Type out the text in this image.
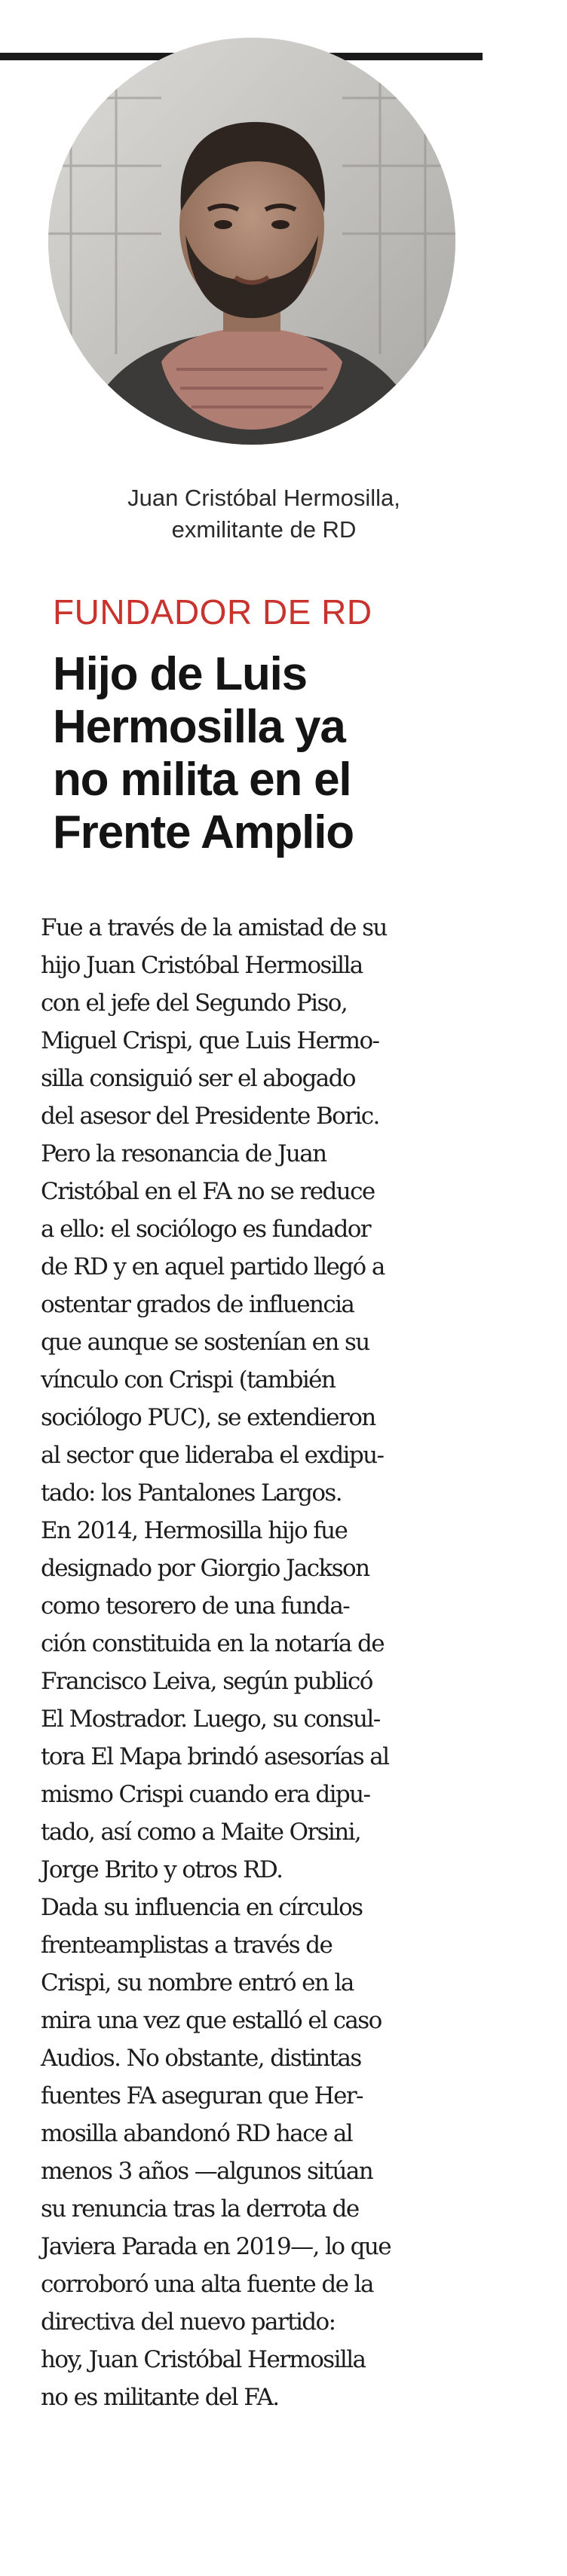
Juan Cristóbal Hermosilla,
exmilitante de RD
FUNDADOR DE RD
Hijo de Luis
Hermosilla ya
no milita en el
Frente Amplio
Fue a través de la amistad de su
hijo Juan Cristóbal Hermosilla
con el jefe del Segundo Piso,
Miguel Crispi, que Luis Hermo-
silla consiguió ser el abogado
del asesor del Presidente Boric.
Pero la resonancia de Juan
Cristóbal en el FA no se reduce
a ello: el sociólogo es fundador
de RD y en aquel partido llegó a
ostentar grados de influencia
que aunque se sostenían en su
vínculo con Crispi (también
sociólogo PUC), se extendieron
al sector que lideraba el exdipu-
tado: los Pantalones Largos.
En 2014, Hermosilla hijo fue
designado por Giorgio Jackson
como tesorero de una funda-
ción constituida en la notaría de
Francisco Leiva, según publicó
El Mostrador. Luego, su consul-
tora El Mapa brindó asesorías al
mismo Crispi cuando era dipu-
tado, así como a Maite Orsini,
Jorge Brito y otros RD.
Dada su influencia en círculos
frenteamplistas a través de
Crispi, su nombre entró en la
mira una vez que estalló el caso
Audios. No obstante, distintas
fuentes FA aseguran que Her-
mosilla abandonó RD hace al
menos 3 años —algunos sitúan
su renuncia tras la derrota de
Javiera Parada en 2019—, lo que
corroboró una alta fuente de la
directiva del nuevo partido:
hoy, Juan Cristóbal Hermosilla
no es militante del FA.
